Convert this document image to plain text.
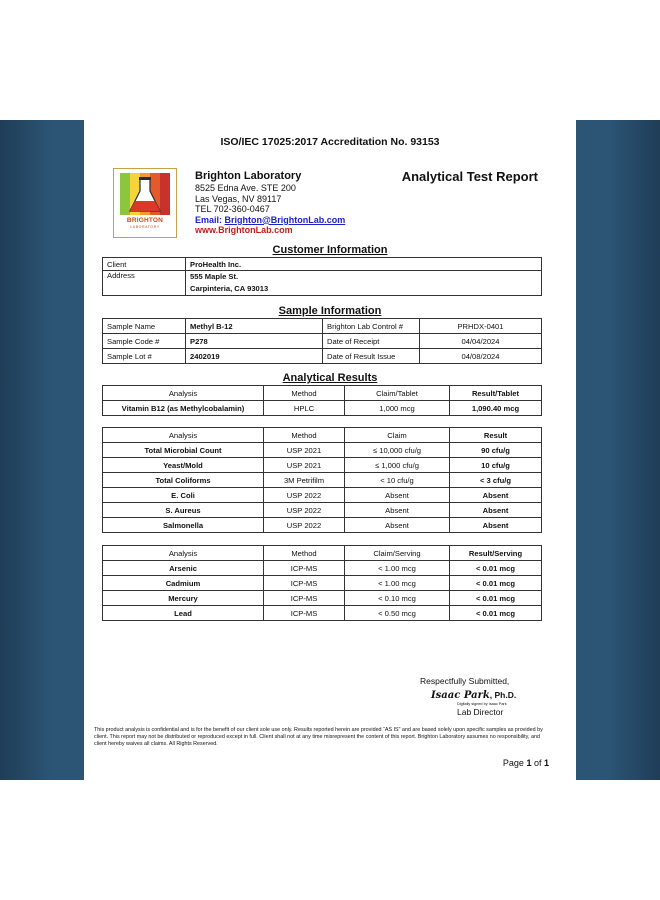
ISO/IEC 17025:2017 Accreditation No. 93153
BRIGHTON
LABORATORY
Brighton Laboratory
8525 Edna Ave. STE 200
Las Vegas, NV 89117
TEL 702-360-0467
Email: Brighton@BrightonLab.com
www.BrightonLab.com
Analytical Test Report
Customer Information
Client	ProHealth Inc.
Address	555 Maple St.
Carpinteria, CA 93013
Sample Information
Sample Name	Methyl B-12	Brighton Lab Control #	PRHDX-0401
Sample Code #	P278	Date of Receipt	04/04/2024
Sample Lot #	2402019	Date of Result Issue	04/08/2024
Analytical Results
Analysis	Method	Claim/Tablet	Result/Tablet
Vitamin B12 (as Methylcobalamin)	HPLC	1,000 mcg	1,090.40 mcg
Analysis	Method	Claim	Result
Total Microbial Count	USP 2021	≤ 10,000 cfu/g	90 cfu/g
Yeast/Mold	USP 2021	≤ 1,000 cfu/g	10 cfu/g
Total Coliforms	3M Petrifilm	< 10 cfu/g	< 3 cfu/g
E. Coli	USP 2022	Absent	Absent
S. Aureus	USP 2022	Absent	Absent
Salmonella	USP 2022	Absent	Absent
Analysis	Method	Claim/Serving	Result/Serving
Arsenic	ICP-MS	< 1.00 mcg	< 0.01 mcg
Cadmium	ICP-MS	< 1.00 mcg	< 0.01 mcg
Mercury	ICP-MS	< 0.10 mcg	< 0.01 mcg
Lead	ICP-MS	< 0.50 mcg	< 0.01 mcg
Respectfully Submitted,
Isaac Park, Ph.D.
Digitally signed by Isaac Park
Lab Director
This product analysis is confidential and is for the benefit of our client sole use only. Results reported herein are provided “AS IS” and are based solely upon specific samples as provided by client. This report may not be distributed or reproduced except in full. Client shall not at any time misrepresent the content of this report. Brighton Laboratory assumes no responsibility, and client hereby waives all claims. All Rights Reserved.
Page 1 of 1
